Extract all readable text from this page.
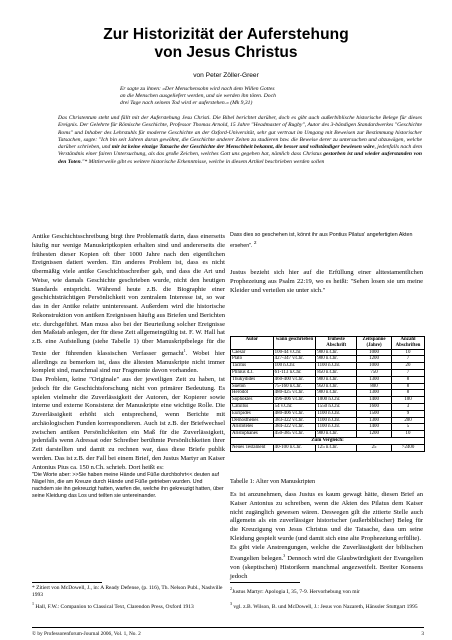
Zur Historizität der Auferstehung
von Jesus Christus
von Peter Zöller-Greer
Er sagte zu ihnen: »Der Menschensohn wird nach dem Willen Gottes
an die Menschen ausgeliefert werden, und sie werden ihn töten. Doch
drei Tage nach seinem Tod wird er auferstehen.« (Mk 9,31)
Das Christentum steht und fällt mit der Auferstehung Jesu Christi. Die Bibel berichtet darüber, doch es gibt auch außerbiblische historische Belege für dieses Ereignis. Der Gelehrte für Römische Geschichte, Professor Thomas Arnold, 15 Jahre "Headmaster of Rugby", Autor des 3-bändigen Standardwerkes "Geschichte Roms" und Inhaber des Lehrstuhls für moderne Geschichte an der Oxford-Universität, sehr gut vertraut im Umgang mit Beweisen zur Bestimmung historischer Tatsachen, sagte: "Ich bin seit Jahren daran gewöhnt, die Geschichte anderer Zeiten zu studieren bzw. die Beweise derer zu untersuchen und abzuwägen, welche darüber schrieben, und mir ist keine einzige Tatsache der Geschichte der Menschheit bekannt, die besser und vollständiger bewiesen wäre, jedenfalls nach dem Verständnis einer fairen Untersuchung, als das große Zeichen, welches Gott uns gegeben hat, nämlich dass Christus gestorben ist und wieder auferstanden von den Toten."* Mittlerweile gibt es weitere historische Erkenntnisse, welche in diesem Artikel beschrieben werden sollen

Antike Geschichtsschreibung birgt ihre Problematik darin, dass einerseits häufig nur wenige Manuskriptkopien erhalten sind und andererseits die frühesten dieser Kopien oft über 1000 Jahre nach den eigentlichen Ereignissen datiert werden. Ein anderes Problem ist, dass es nicht übermäßig viele antike Geschichtsschreiber gab, und dass die Art und Weise, wie damals Geschichte geschrieben wurde, nicht den heutigen Standards entspricht. Während heute z.B. die Biographie einer geschichtsträchtigen Persönlichkeit von zentralem Interesse ist, so war das in der Antike relativ uninteressant. Außerdem wird die historische Rekonstruktion von antiken Ereignissen häufig aus Briefen und Berichten etc. durchgeführt. Man muss also bei der Beurteilung solcher Ereignisse den Maßstab anlegen, der für diese Zeit allgemeingültig ist. F. W. Hall hat z.B. eine Aufstellung (siehe Tabelle 1) über Manuskriptbelege für die Texte der führenden klassischen Verfasser gemacht$^1$. Wobei hier allerdings zu bemerken ist, dass die ältesten Manuskripte nicht immer komplett sind, manchmal sind nur Fragmente davon vorhanden.

Das Problem, keine "Originale" aus der jeweiligen Zeit zu haben, ist jedoch für die Geschichtsforschung nicht von primärer Bedeutung. Es spielen vielmehr die Zuverlässigkeit der Autoren, der Kopierer sowie interne und externe Konsistenz der Manuskripte eine wichtige Rolle. Die Zuverlässigkeit erhöht sich entsprechend, wenn Berichte mit archäologischen Funden korrespondieren. Auch ist z.B. der Briefwechsel zwischen antiken Persönlichkeiten ein Maß für die Zuverlässigkeit, jedenfalls wenn Adressat oder Schreiber berühmte Persönlichkeiten ihrer Zeit darstellten und damit zu rechnen war, dass diese Briefe publik werden. Das ist z.B. der Fall bei einem Brief, den Justus Martyr an Kaiser Antonius Pius ca. 150 n.Ch. schrieb. Dort heißt es:

"Die Worte aber: >>Sie haben meine Hände und Füße durchbohrt<< deuten auf Nägel hin, die am Kreuze durch Hände und Füße getrieben wurden. Und nachdem sie ihn gekreuzigt hatten, warfen die, welche ihn gekreuzigt hatten, über seine Kleidung das Los und teilten sie untereinander.

Dass dies so geschehen ist, könnt ihr aus Pontius Pilatus' angefertigten Akten ersehen". $^2$

Justus bezieht sich hier auf die Erfüllung einer alttestamentlichen Prophezeiung aus Psalm 22:19, wo es heißt: "Sehen losen sie um meine Kleider und verteilen sie unter sich."

Autor	wann geschrieben	früheste Abschrift	Zeitspanne (Jahre)	Anzahl Abschriften
Caesar	100-44 v.Chr.	900 n.Chr.	1000	10
Plato	427-347 v.Chr.	900 n.Chr.	1200	7
Tacitus	100 n.Chr.	1100 n.Chr.	1000	20
Plinius d.J.	61-113 n.Chr.	850 n.Chr.	750	7
Thukydides	460-400 v.Chr.	900 n.Chr.	1300	8
Sueton	75-160 n.Chr.	950 n.Chr.	800	8
Herodot	480-425 v.Chr.	900 n.Chr.	1300	8
Sophokles	496-406 v.Chr.	1000 n.Chr.	1400	100
Catullus	54 v.Chr.	1550 n.Chr.	1600	3
Euripides	480-406 v.Chr.	1100 n.Chr.	1500	9
Demosthenes	383-322 v.Chr.	1100 n.Chr.	1300	200
Aristoteles	384-322 v.Chr.	1100 n.Chr.	1400	5
Aristophanes	450-385 v.Chr.	900 n.Chr.	1200	10
Zum Vergleich:				
Neues Testament	40-100 n.Chr.	125 n.Chr.	25	>2400
Tabelle 1: Alter von Manuskripten

Es ist anzunehmen, dass Justus es kaum gewagt hätte, diesen Brief an Kaiser Antonius zu schreiben, wenn die Akten des Pilatus dem Kaiser nicht zugänglich gewesen wären. Deswegen gilt die zitierte Stelle auch allgemein als ein zuverlässiger historischer (außerbiblischer) Beleg für die Kreuzigung von Jesus Christus und die Tatsache, dass um seine Kleidung gespielt wurde (und damit sich eine alte Prophezeiung erfüllte).

Es gibt viele Anstrengungen, welche die Zuverlässigkeit der biblischen Evangelien belegen.$^3$ Dennoch wird die Glaubwürdigkeit der Evangelien von (skeptischen) Historikern manchmal angezweifelt. Breiter Konsens jedoch

* Zitiert von McDowell, J., in: A Ready Defense, (p. 116), Th. Nelson Publ., Nashville 1993
$^1$ Hall, F.W.: Companion to Classical Text, Clarendon Press, Oxford 1913
$^2$Justus Martyr: Apologia I, 35, 7-9. Hervorhebung von mir
$^3$ vgl. z.B. Wilson, B. und McDowell, J.: Jesus von Nazareth, Hänssler Stuttgart 1995
© by Professorenforum-Journal 2006, Vol. 1, No. 2	3
